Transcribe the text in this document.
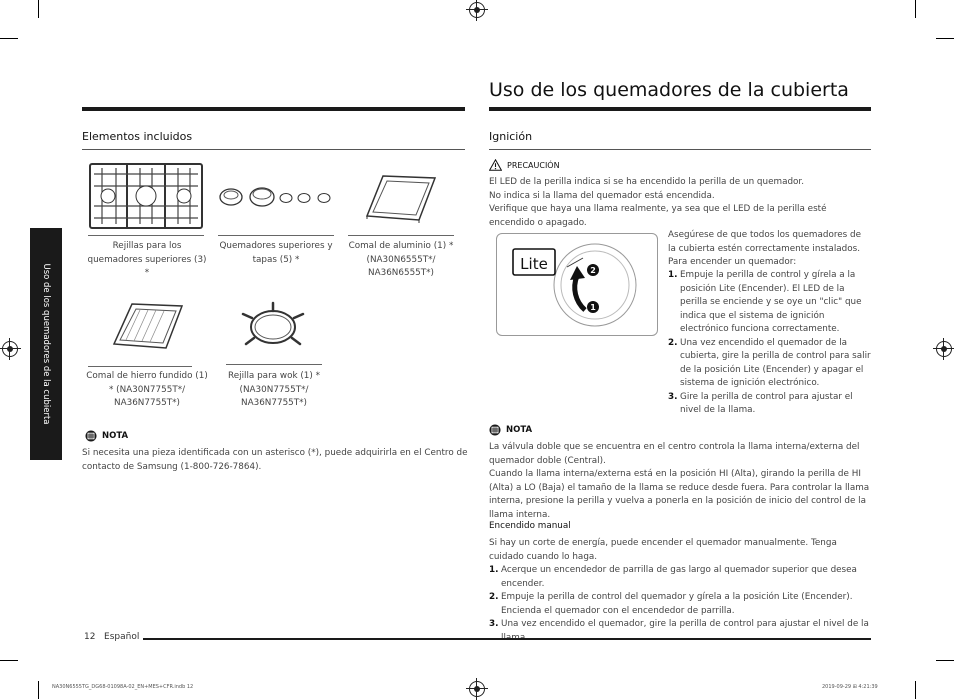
Uso de los quemadores de la cubierta
Uso de los quemadores de la cubierta
Elementos incluidos
Rejillas para los quemadores superiores (3) *
Quemadores superiores y tapas (5) *
Comal de aluminio (1) * (NA30N6555T*/ NA36N6555T*)
Comal de hierro fundido (1) * (NA30N7755T*/ NA36N7755T*)
Rejilla para wok (1) * (NA30N7755T*/ NA36N7755T*)
NOTA
Si necesita una pieza identificada con un asterisco (*), puede adquirirla en el Centro de contacto de Samsung (1-800-726-7864).
Ignición
PRECAUCIÓN
El LED de la perilla indica si se ha encendido la perilla de un quemador.
No indica si la llama del quemador está encendida.
Verifique que haya una llama realmente, ya sea que el LED de la perilla esté encendido o apagado.
Lite	2
1
Asegúrese de que todos los quemadores de la cubierta estén correctamente instalados. Para encender un quemador:
1. Empuje la perilla de control y gírela a la posición Lite (Encender). El LED de la perilla se enciende y se oye un "clic" que indica que el sistema de ignición electrónico funciona correctamente.
2. Una vez encendido el quemador de la cubierta, gire la perilla de control para salir de la posición Lite (Encender) y apagar el sistema de ignición electrónico.
3. Gire la perilla de control para ajustar el nivel de la llama.
NOTA
La válvula doble que se encuentra en el centro controla la llama interna/externa del quemador doble (Central).
Cuando la llama interna/externa está en la posición HI (Alta), girando la perilla de HI (Alta) a LO (Baja) el tamaño de la llama se reduce desde fuera. Para controlar la llama interna, presione la perilla y vuelva a ponerla en la posición de inicio del control de la llama interna.
Encendido manual
Si hay un corte de energía, puede encender el quemador manualmente. Tenga cuidado cuando lo haga.
1. Acerque un encendedor de parrilla de gas largo al quemador superior que desea encender.
2. Empuje la perilla de control del quemador y gírela a la posición Lite (Encender). Encienda el quemador con el encendedor de parrilla.
3. Una vez encendido el quemador, gire la perilla de control para ajustar el nivel de la
12 Español
NA30N6555TG_DG68-01098A-02_EN+MES+CFR.indb 12	2019-09-29 ⊞ 4:21:39
